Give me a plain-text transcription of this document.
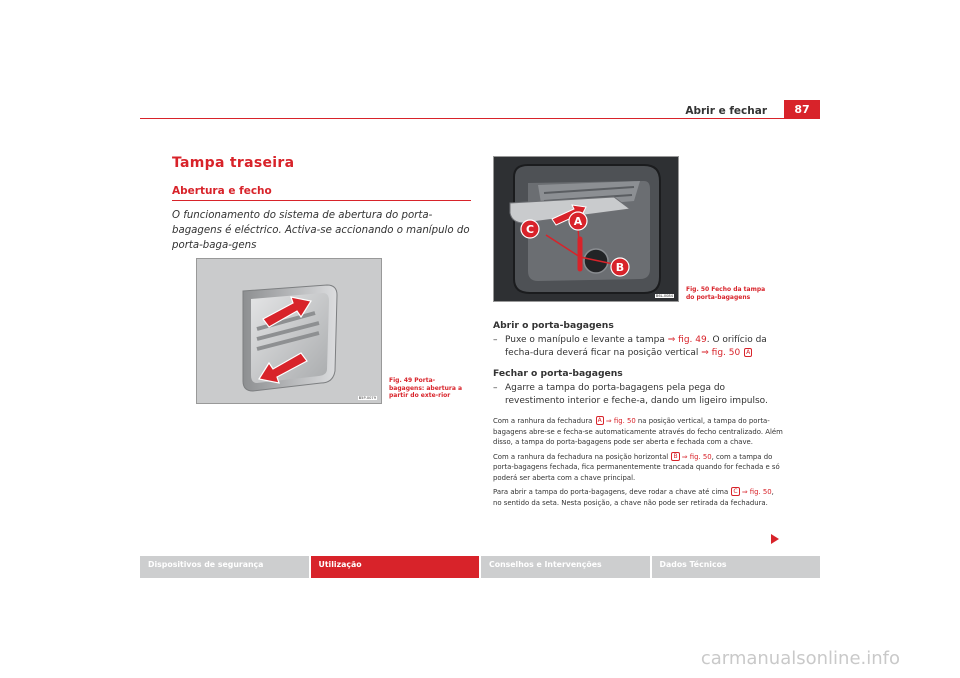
Abrir e fechar	87
Tampa traseira
Abertura e fecho
O funcionamento do sistema de abertura do porta-bagagens é eléctrico. Activa-se accionando o manípulo do porta-baga-gens
B5P-0079
Fig. 49 Porta-bagagens: abertura a partir do exte-rior
A
C
B
B6L-0084
Fig. 50 Fecho da tampa do porta-bagagens
Abrir o porta-bagagens
– Puxe o manípulo e levante a tampa ⇒ fig. 49. O orifício da fecha-dura deverá ficar na posição vertical ⇒ fig. 50 A
Fechar o porta-bagagens
– Agarre a tampa do porta-bagagens pela pega do revestimento interior e feche-a, dando um ligeiro impulso.

Com a ranhura da fechadura A ⇒ fig. 50 na posição vertical, a tampa do porta-bagagens abre-se e fecha-se automaticamente através do fecho centralizado. Além disso, a tampa do porta-bagagens pode ser aberta e fechada com a chave.

Com a ranhura da fechadura na posição horizontal B ⇒ fig. 50, com a tampa do porta-bagagens fechada, fica permanentemente trancada quando for fechada e só poderá ser aberta com a chave principal.

Para abrir a tampa do porta-bagagens, deve rodar a chave até cima C ⇒ fig. 50, no sentido da seta. Nesta posição, a chave não pode ser retirada da fechadura.

Dispositivos de segurança	Utilização	Conselhos e Intervenções	Dados Técnicos
carmanualsonline.info
